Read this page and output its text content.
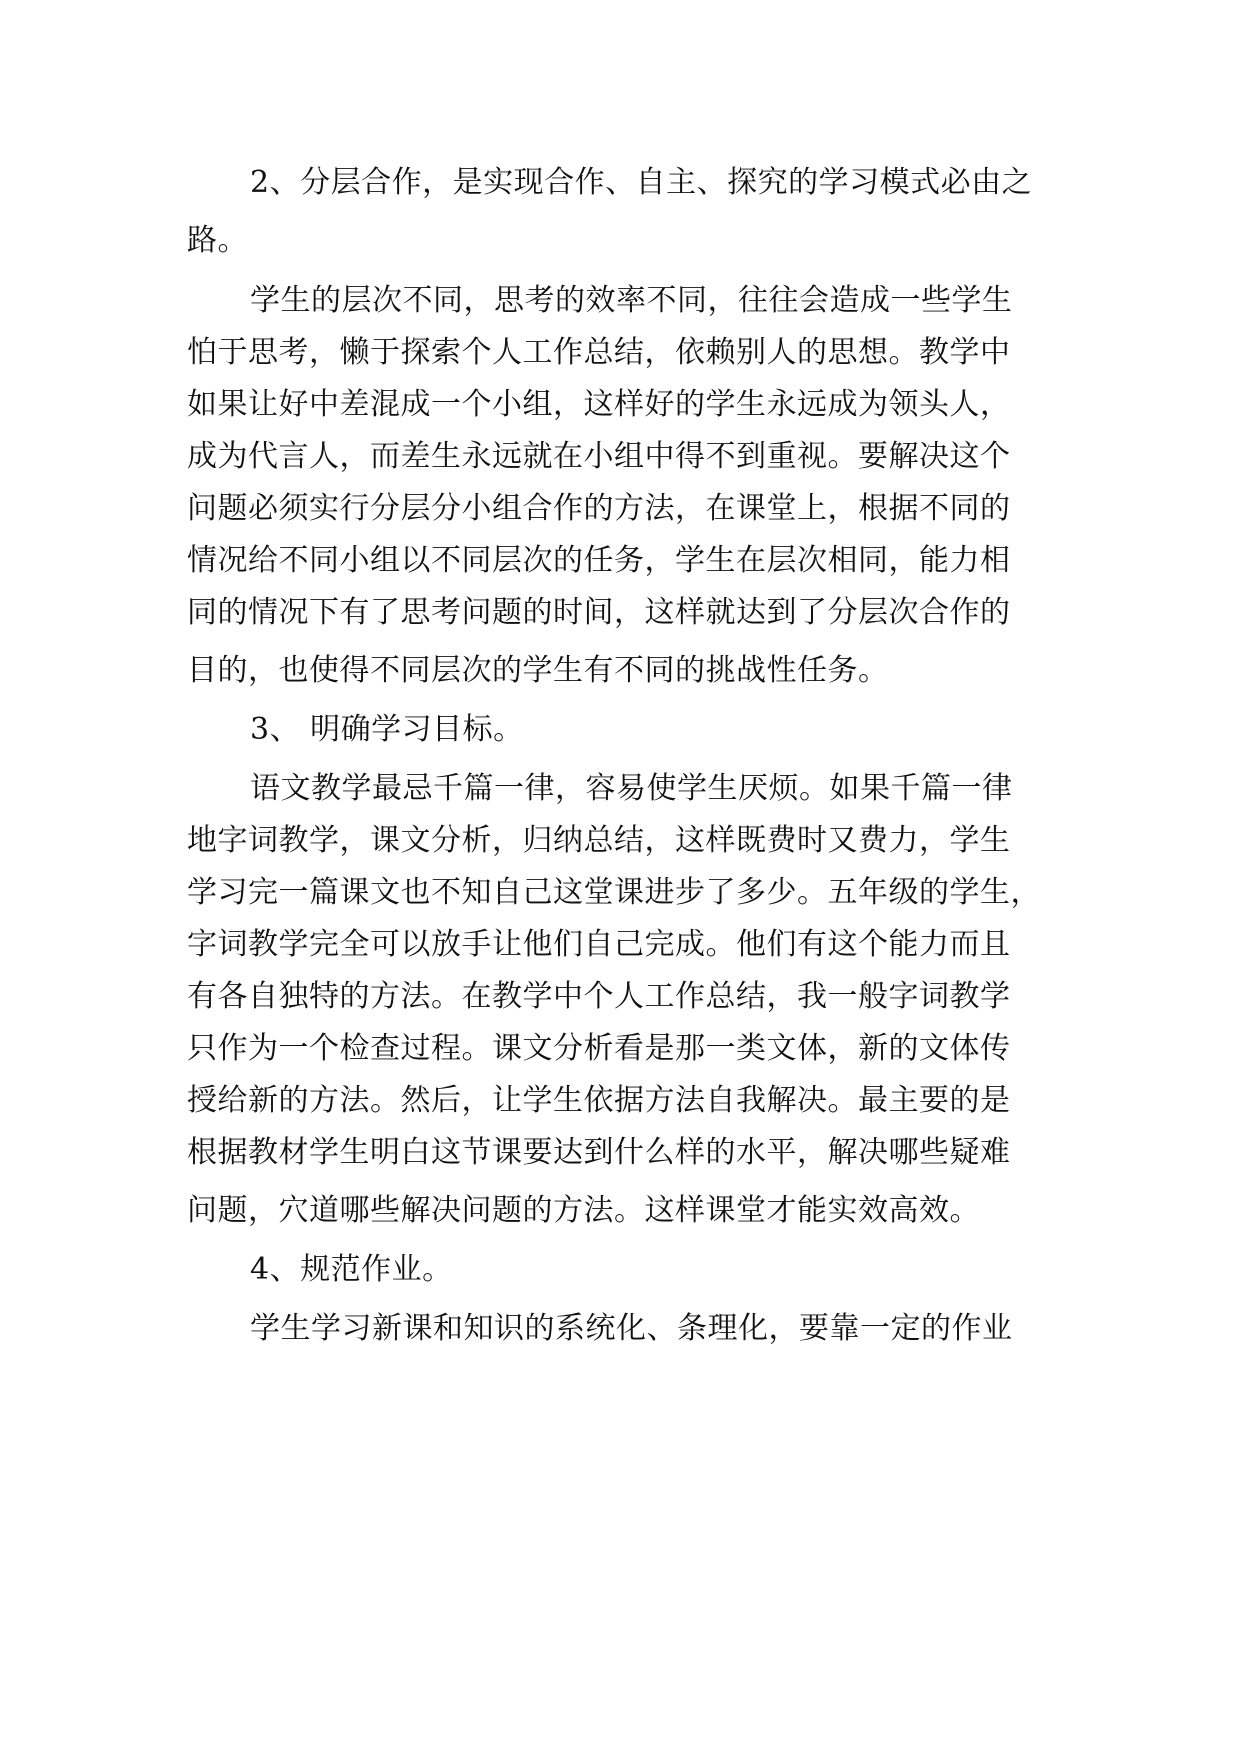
2、分层合作，是实现合作、自主、探究的学习模式必由之

路。

学生的层次不同，思考的效率不同，往往会造成一些学生

怕于思考，懒于探索个人工作总结，依赖别人的思想。教学中

如果让好中差混成一个小组，这样好的学生永远成为领头人，

成为代言人，而差生永远就在小组中得不到重视。要解决这个

问题必须实行分层分小组合作的方法，在课堂上，根据不同的

情况给不同小组以不同层次的任务，学生在层次相同，能力相

同的情况下有了思考问题的时间，这样就达到了分层次合作的

目的，也使得不同层次的学生有不同的挑战性任务。

3、 明确学习目标。

语文教学最忌千篇一律，容易使学生厌烦。如果千篇一律

地字词教学，课文分析，归纳总结，这样既费时又费力，学生

学习完一篇课文也不知自己这堂课进步了多少。五年级的学生，

字词教学完全可以放手让他们自己完成。他们有这个能力而且

有各自独特的方法。在教学中个人工作总结，我一般字词教学

只作为一个检查过程。课文分析看是那一类文体，新的文体传

授给新的方法。然后，让学生依据方法自我解决。最主要的是

根据教材学生明白这节课要达到什么样的水平，解决哪些疑难

问题，穴道哪些解决问题的方法。这样课堂才能实效高效。

4、规范作业。

学生学习新课和知识的系统化、条理化，要靠一定的作业
